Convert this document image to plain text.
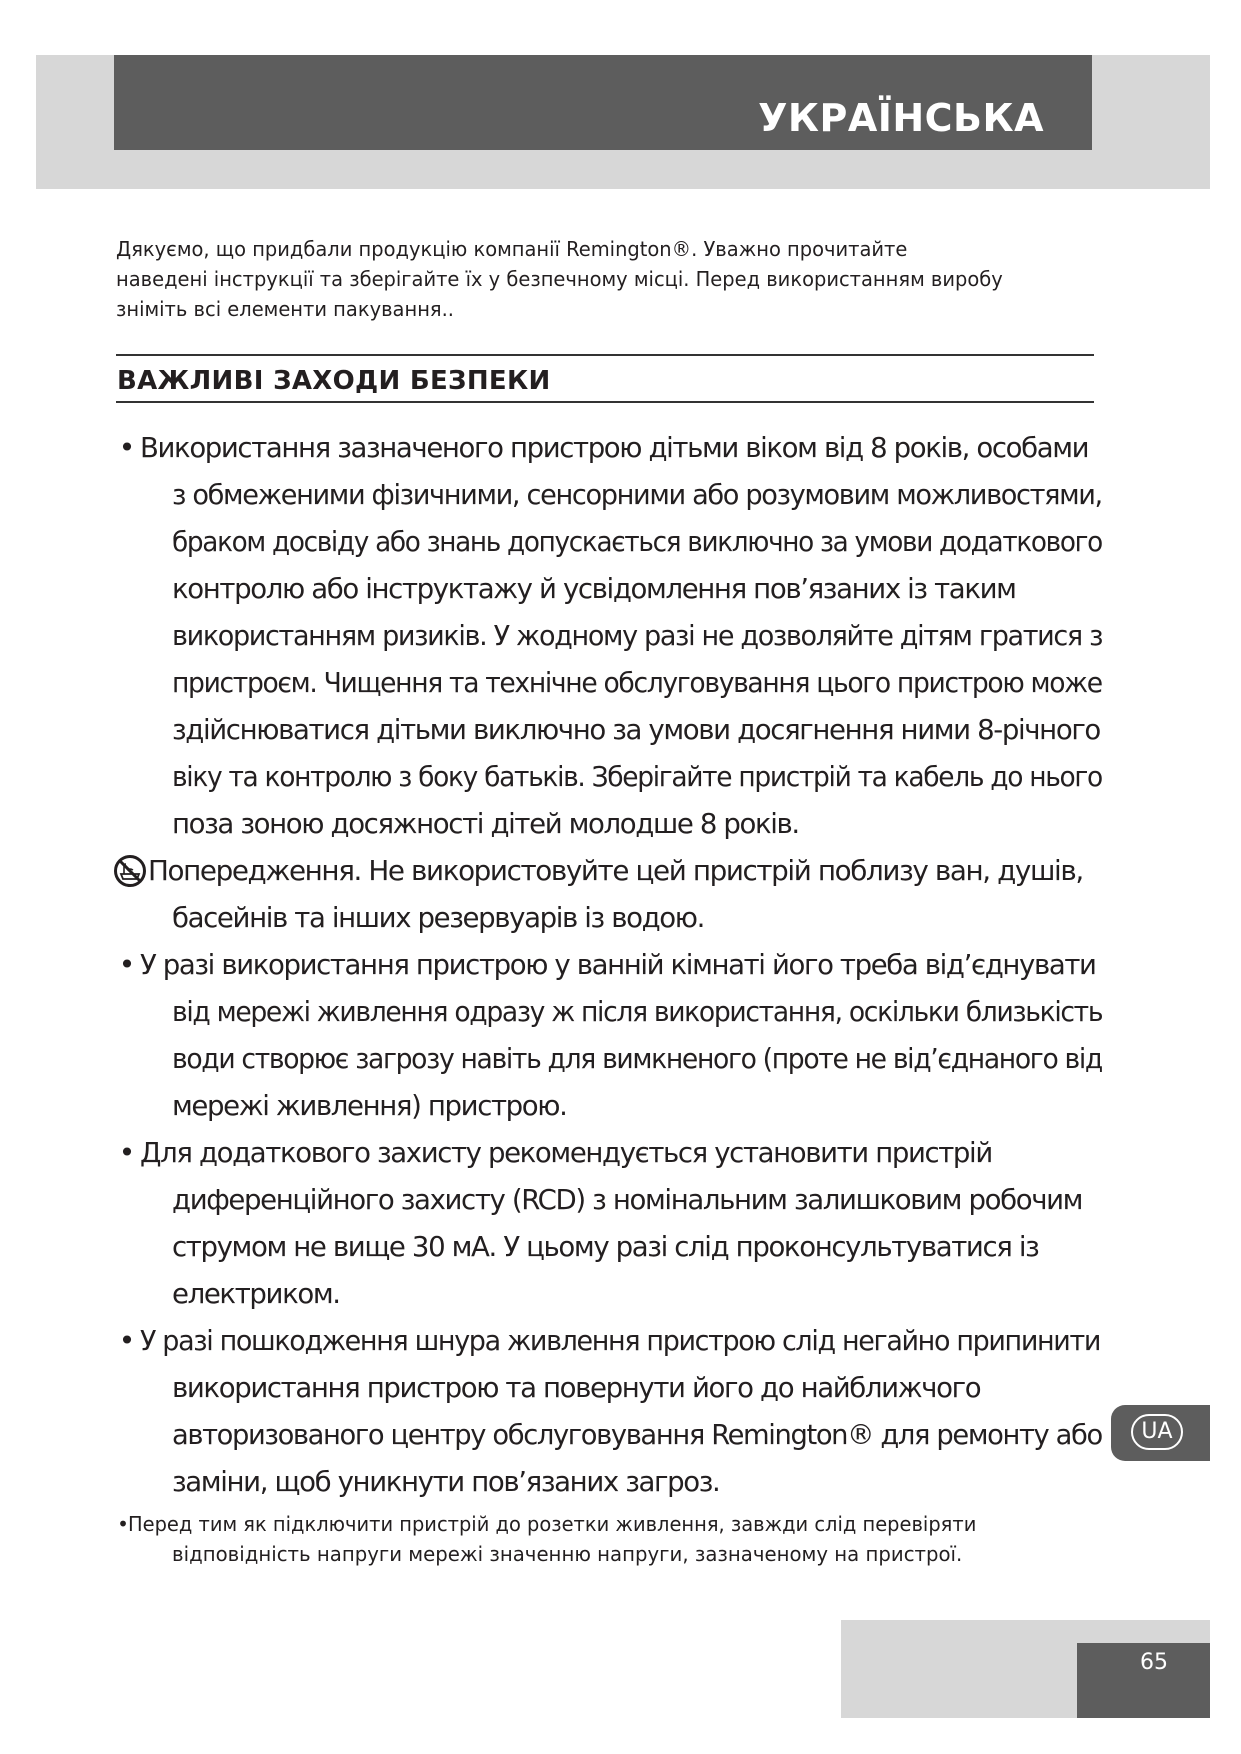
УКРАЇНСЬКА
Дякуємо, що придбали продукцію компанії Remington®. Уважно прочитайте
наведені інструкції та зберігайте їх у безпечному місці. Перед використанням виробу
зніміть всі елементи пакування..
ВАЖЛИВІ ЗАХОДИ БЕЗПЕКИ
• Використання зазначеного пристрою дітьми віком від 8 років, особами
з обмеженими фізичними, сенсорними або розумовим можливостями,
браком досвіду або знань допускається виключно за умови додаткового
контролю або інструктажу й усвідомлення пов’язаних із таким
використанням ризиків. У жодному разі не дозволяйте дітям гратися з
пристроєм. Чищення та технічне обслуговування цього пристрою може
здійснюватися дітьми виключно за умови досягнення ними 8-річного
віку та контролю з боку батьків. Зберігайте пристрій та кабель до нього
поза зоною досяжності дітей молодше 8 років.
Попередження. Не використовуйте цей пристрій поблизу ван, душів,
басейнів та інших резервуарів із водою.
• У разі використання пристрою у ванній кімнаті його треба від’єднувати
від мережі живлення одразу ж після використання, оскільки близькість
води створює загрозу навіть для вимкненого (проте не від’єднаного від
мережі живлення) пристрою.
• Для додаткового захисту рекомендується установити пристрій
диференційного захисту (RCD) з номінальним залишковим робочим
струмом не вище 30 мА. У цьому разі слід проконсультуватися із
електриком.
• У разі пошкодження шнура живлення пристрою слід негайно припинити
використання пристрою та повернути його до найближчого
авторизованого центру обслуговування Remington® для ремонту або
заміни, щоб уникнути пов’язаних загроз.
• Перед тим як підключити пристрій до розетки живлення, завжди слід перевіряти
відповідність напруги мережі значенню напруги, зазначеному на пристрої.
UA
65
